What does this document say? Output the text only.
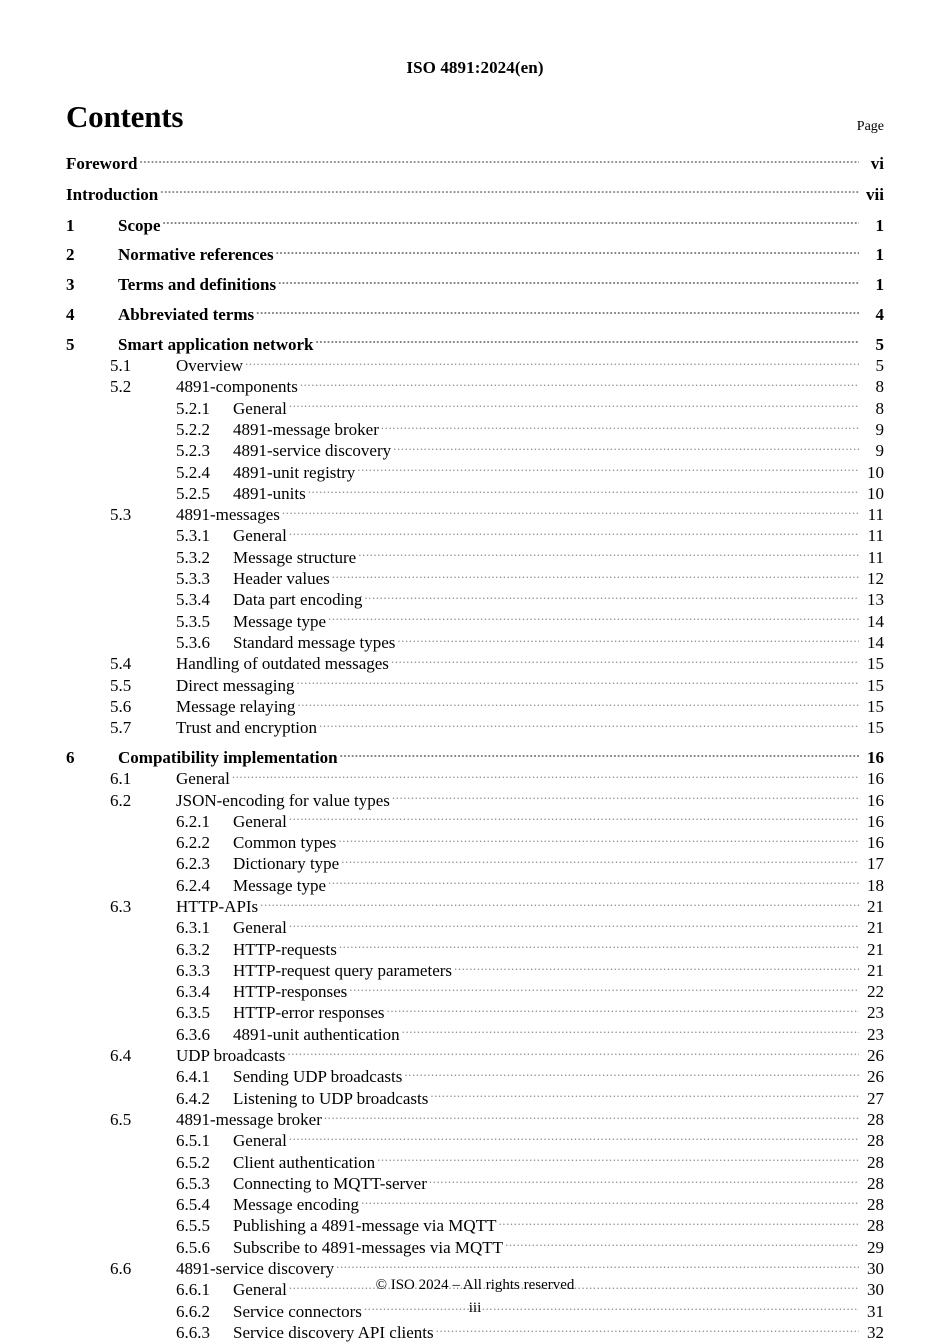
ISO 4891:2024(en)
Contents	Page
Foreword .....	vi
Introduction .....	vii
1	Scope .....	1
2	Normative references .....	1
3	Terms and definitions .....	1
4	Abbreviated terms .....	4
5	Smart application network .....	5
5.1	Overview .....	5
5.2	4891-components .....	8
5.2.1	General .....	8
5.2.2	4891-message broker .....	9
5.2.3	4891-service discovery .....	9
5.2.4	4891-unit registry .....	10
5.2.5	4891-units .....	10
5.3	4891-messages .....	11
5.3.1	General .....	11
5.3.2	Message structure .....	11
5.3.3	Header values .....	12
5.3.4	Data part encoding .....	13
5.3.5	Message type .....	14
5.3.6	Standard message types .....	14
5.4	Handling of outdated messages .....	15
5.5	Direct messaging .....	15
5.6	Message relaying .....	15
5.7	Trust and encryption .....	15
6	Compatibility implementation .....	16
6.1	General .....	16
6.2	JSON-encoding for value types .....	16
6.2.1	General .....	16
6.2.2	Common types .....	16
6.2.3	Dictionary type .....	17
6.2.4	Message type .....	18
6.3	HTTP-APIs .....	21
6.3.1	General .....	21
6.3.2	HTTP-requests .....	21
6.3.3	HTTP-request query parameters .....	21
6.3.4	HTTP-responses .....	22
6.3.5	HTTP-error responses .....	23
6.3.6	4891-unit authentication .....	23
6.4	UDP broadcasts .....	26
6.4.1	Sending UDP broadcasts .....	26
6.4.2	Listening to UDP broadcasts .....	27
6.5	4891-message broker .....	28
6.5.1	General .....	28
6.5.2	Client authentication .....	28
6.5.3	Connecting to MQTT-server .....	28
6.5.4	Message encoding .....	28
6.5.5	Publishing a 4891-message via MQTT .....	28
6.5.6	Subscribe to 4891-messages via MQTT .....	29
6.6	4891-service discovery .....	30
6.6.1	General .....	30
6.6.2	Service connectors .....	31
6.6.3	Service discovery API clients .....	32
© ISO 2024 – All rights reserved
iii
